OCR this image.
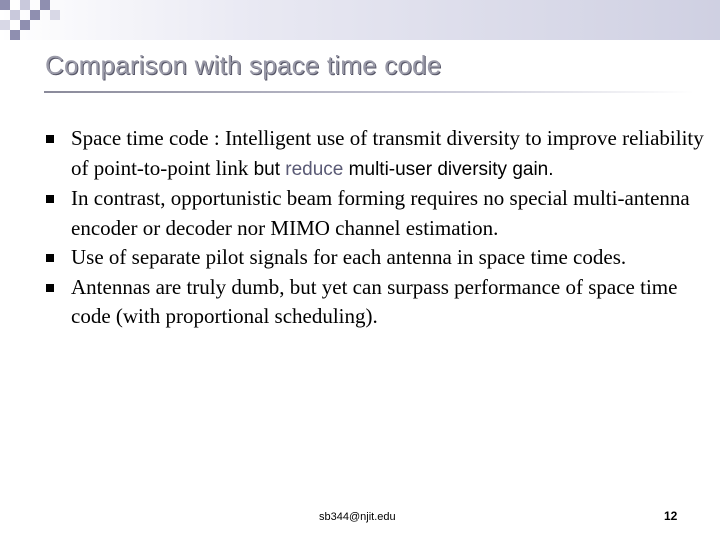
Comparison with space time code
Space time code : Intelligent use of transmit diversity to improve reliability of point-to-point link but reduce multi-user diversity gain.
In contrast, opportunistic beam forming requires no special multi-antenna encoder or decoder nor MIMO channel estimation.
Use of separate pilot signals for each antenna in space time codes.
Antennas are truly dumb, but yet can surpass performance of space time code (with proportional scheduling).
sb344@njit.edu	12
